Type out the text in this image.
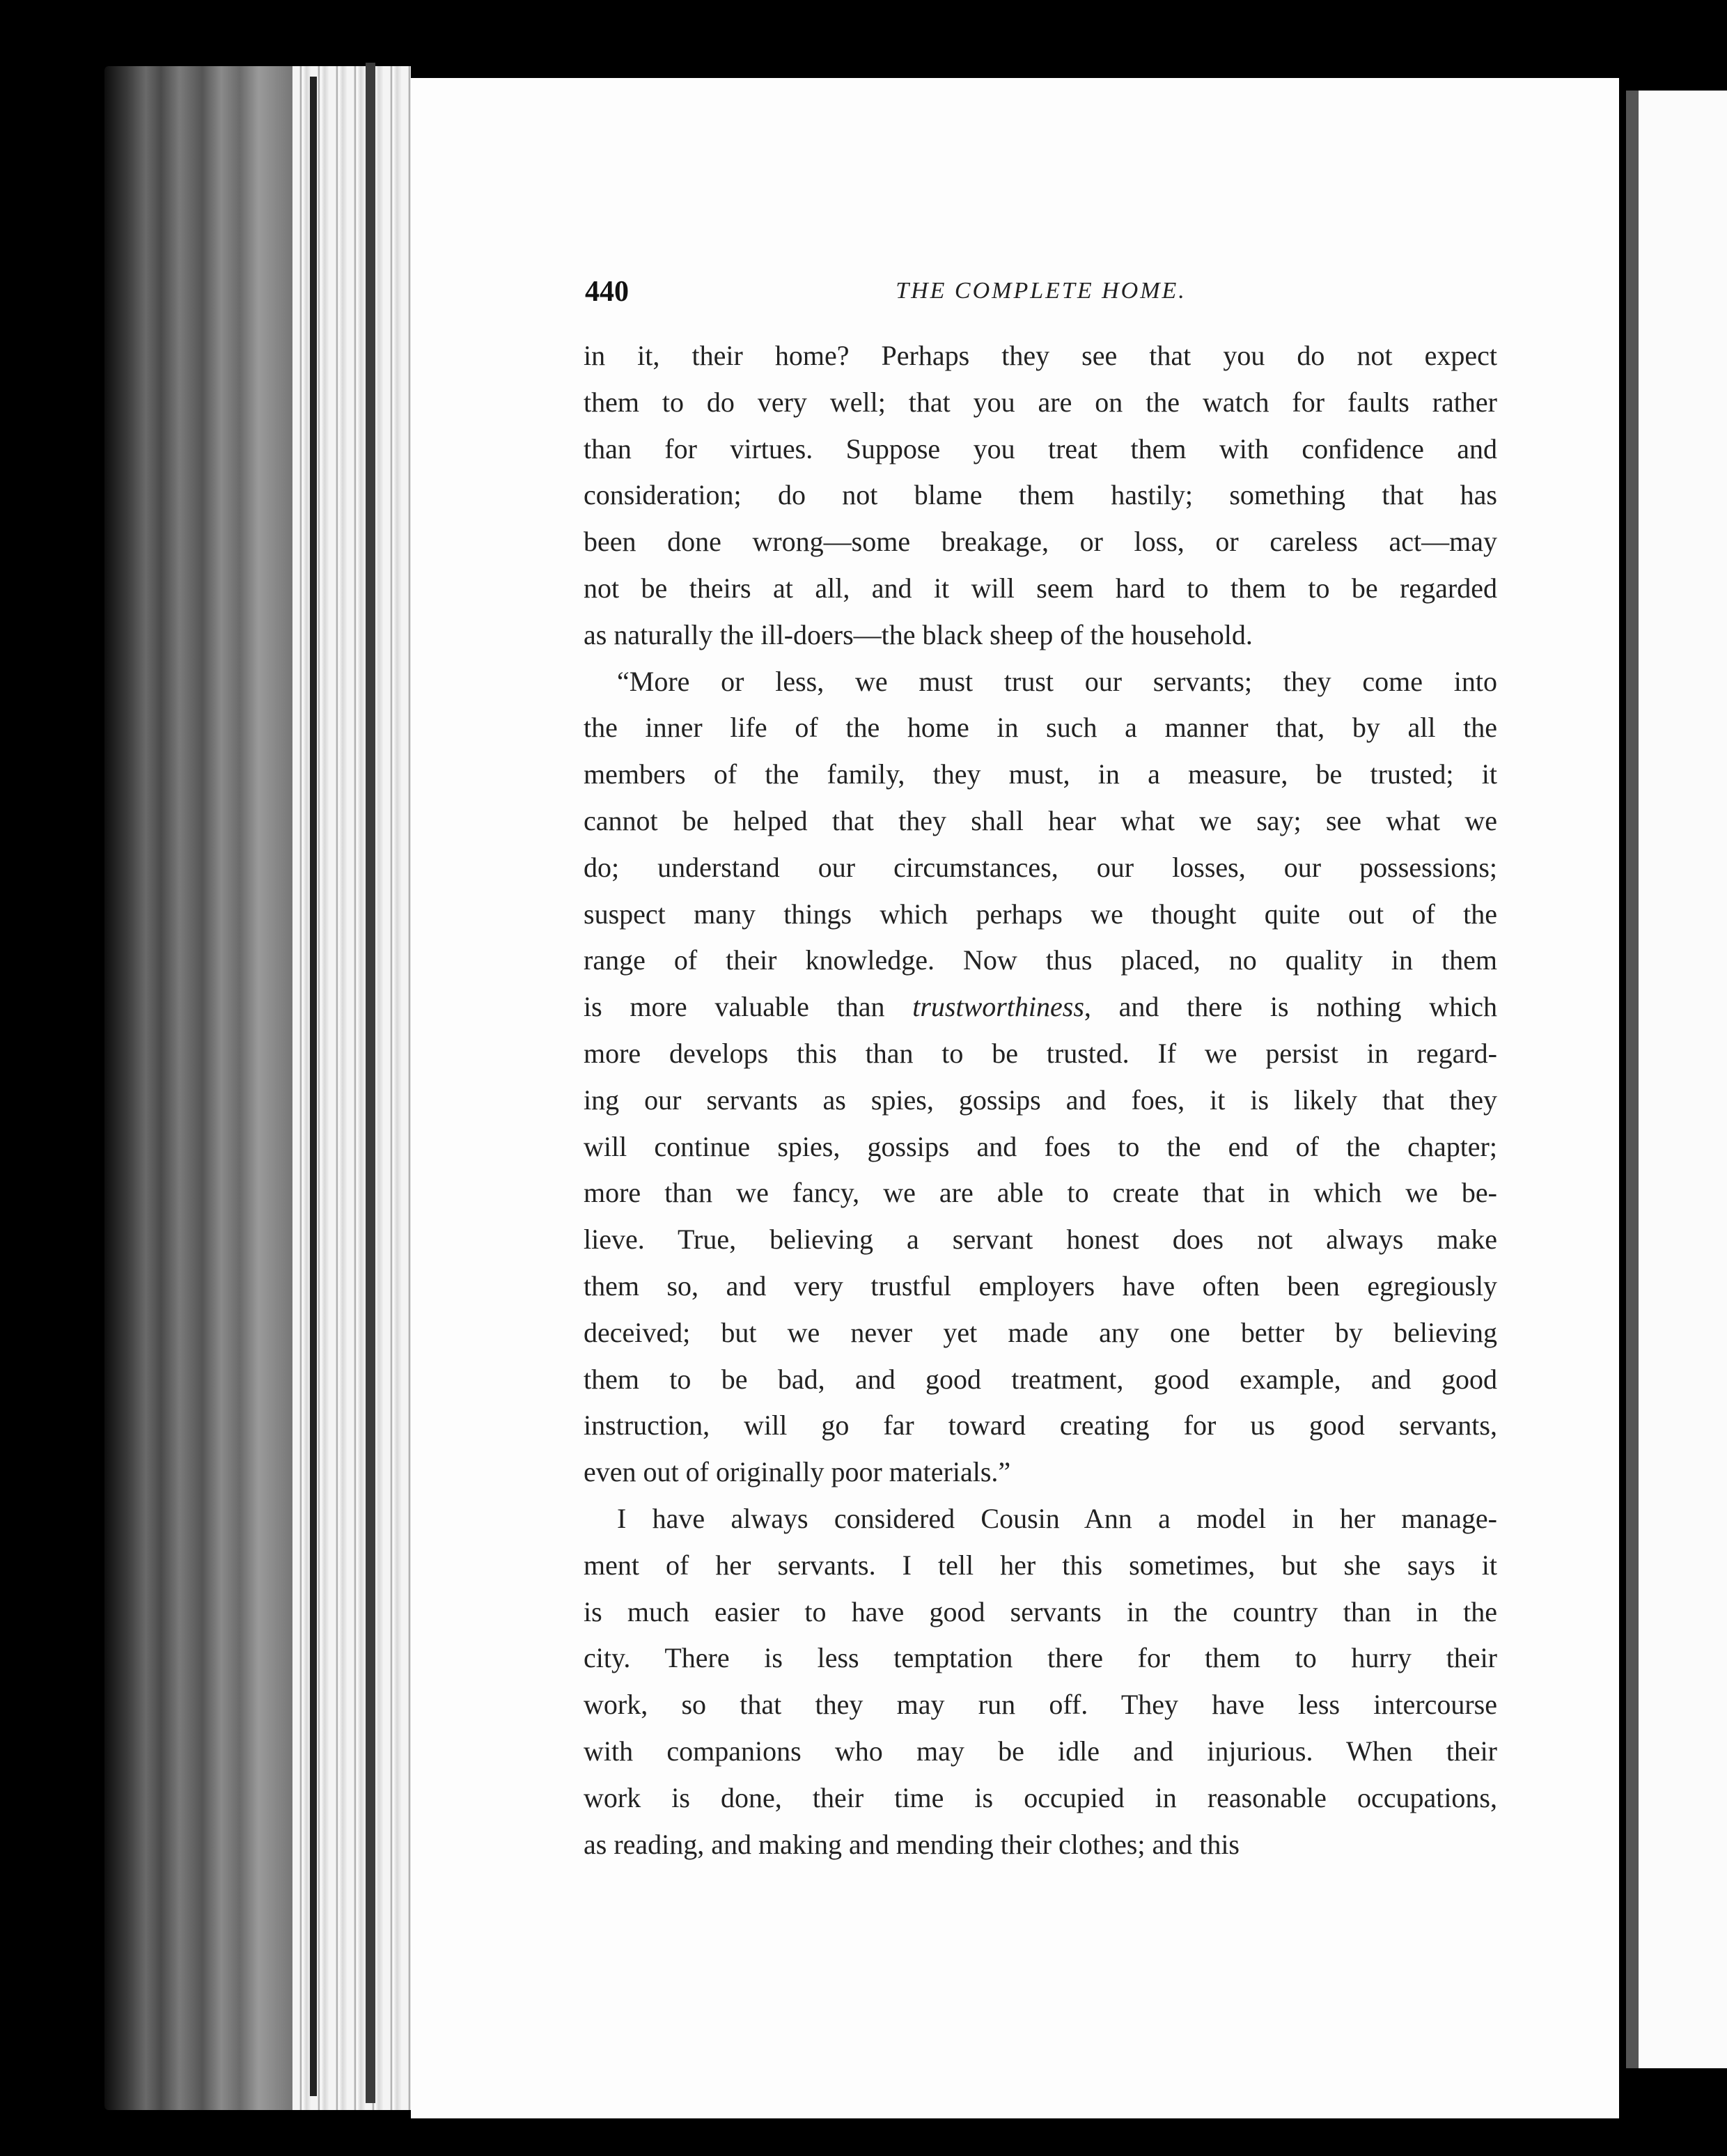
440	THE COMPLETE HOME.

in it, their home? Perhaps they see that you do not expect
them to do very well; that you are on the watch for faults rather
than for virtues. Suppose you treat them with confidence and
consideration; do not blame them hastily; something that has
been done wrong—some breakage, or loss, or careless act—may
not be theirs at all, and it will seem hard to them to be regarded
as naturally the ill-doers—the black sheep of the household.

“More or less, we must trust our servants; they come into
the inner life of the home in such a manner that, by all the
members of the family, they must, in a measure, be trusted; it
cannot be helped that they shall hear what we say; see what we
do; understand our circumstances, our losses, our possessions;
suspect many things which perhaps we thought quite out of the
range of their knowledge. Now thus placed, no quality in them
is more valuable than trustworthiness, and there is nothing which
more develops this than to be trusted. If we persist in regard-
ing our servants as spies, gossips and foes, it is likely that they
will continue spies, gossips and foes to the end of the chapter;
more than we fancy, we are able to create that in which we be-
lieve. True, believing a servant honest does not always make
them so, and very trustful employers have often been egregiously
deceived; but we never yet made any one better by believing
them to be bad, and good treatment, good example, and good
instruction, will go far toward creating for us good servants,
even out of originally poor materials.”

I have always considered Cousin Ann a model in her manage-
ment of her servants. I tell her this sometimes, but she says it
is much easier to have good servants in the country than in the
city. There is less temptation there for them to hurry their
work, so that they may run off. They have less intercourse
with companions who may be idle and injurious. When their
work is done, their time is occupied in reasonable occupations,
as reading, and making and mending their clothes; and this
